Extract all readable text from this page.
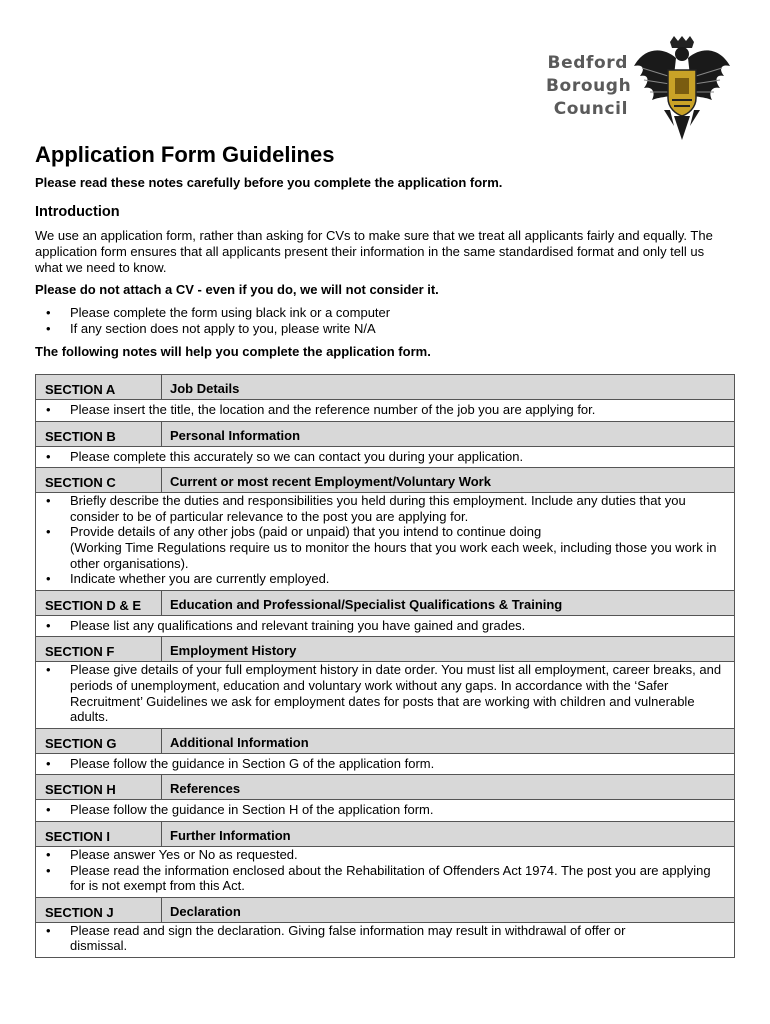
Bedford
Borough
Council
Application Form Guidelines
Please read these notes carefully before you complete the application form.
Introduction
We use an application form, rather than asking for CVs to make sure that we treat all applicants fairly and equally. The application form ensures that all applicants present their information in the same standardised format and only tell us what we need to know.
Please do not attach a CV - even if you do, we will not consider it.
• Please complete the form using black ink or a computer
• If any section does not apply to you, please write N/A
The following notes will help you complete the application form.
SECTION A	Job Details
• Please insert the title, the location and the reference number of the job you are applying for.
SECTION B	Personal Information
• Please complete this accurately so we can contact you during your application.
SECTION C	Current or most recent Employment/Voluntary Work
• Briefly describe the duties and responsibilities you held during this employment. Include any duties that you consider to be of particular relevance to the post you are applying for.
• Provide details of any other jobs (paid or unpaid) that you intend to continue doing
(Working Time Regulations require us to monitor the hours that you work each week, including those you work in other organisations).
• Indicate whether you are currently employed.
SECTION D & E	Education and Professional/Specialist Qualifications & Training
• Please list any qualifications and relevant training you have gained and grades.
SECTION F	Employment History
• Please give details of your full employment history in date order. You must list all employment, career breaks, and periods of unemployment, education and voluntary work without any gaps. In accordance with the ‘Safer Recruitment’ Guidelines we ask for employment dates for posts that are working with children and vulnerable adults.
SECTION G	Additional Information
• Please follow the guidance in Section G of the application form.
SECTION H	References
• Please follow the guidance in Section H of the application form.
SECTION I	Further Information
• Please answer Yes or No as requested.
• Please read the information enclosed about the Rehabilitation of Offenders Act 1974. The post you are applying for is not exempt from this Act.
SECTION J	Declaration
• Please read and sign the declaration. Giving false information may result in withdrawal of offer or dismissal.
